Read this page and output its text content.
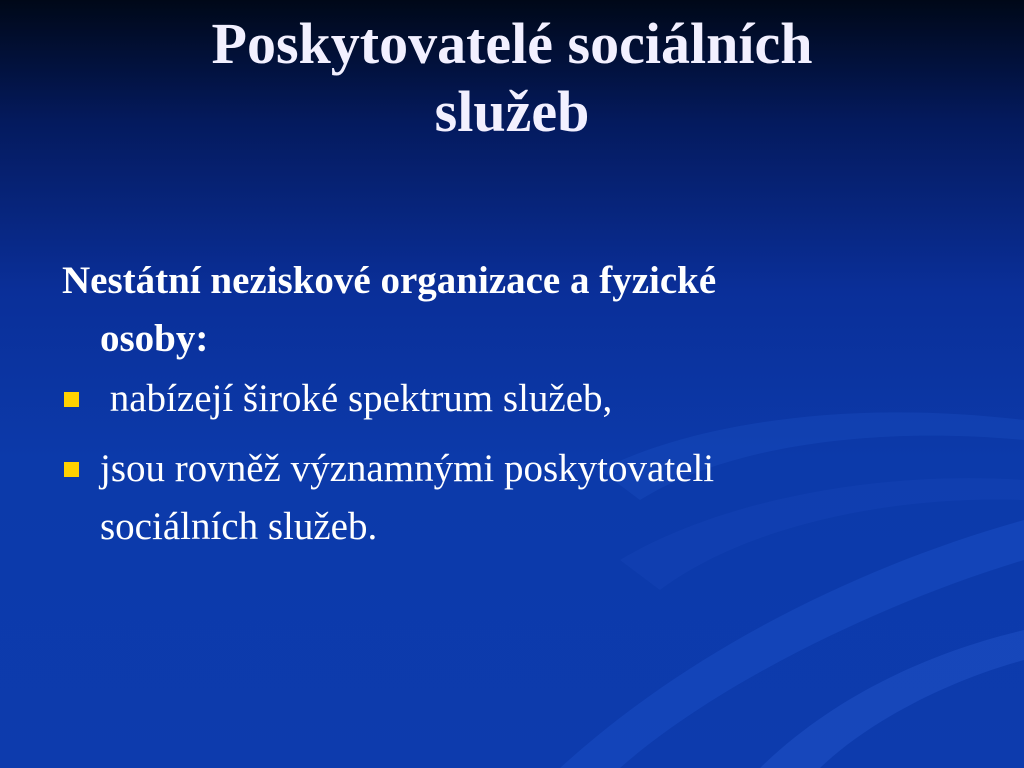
Poskytovatelé sociálních
služeb

Nestátní neziskové organizace a fyzické
osoby:

nabízejí široké spektrum služeb,
jsou rovněž významnými poskytovateli
sociálních služeb.
